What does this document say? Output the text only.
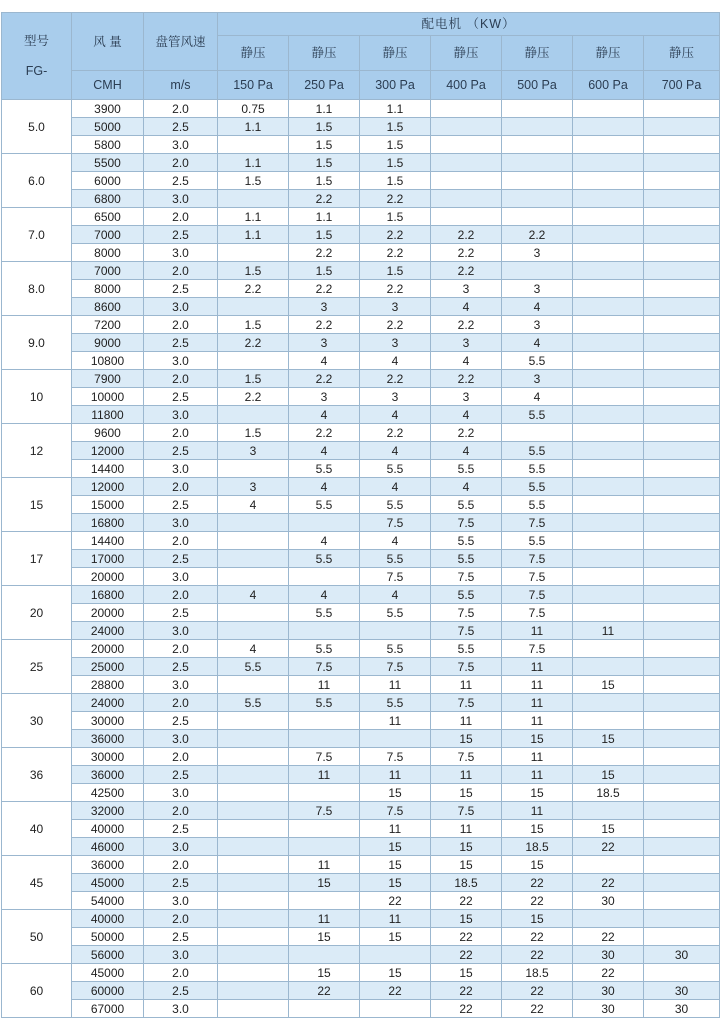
型号
FG-	风 量	盘管风速	配电机 （KW）						
			静压	静压	静压	静压	静压	静压	静压
	CMH	m/s	150 Pa	250 Pa	300 Pa	400 Pa	500 Pa	600 Pa	700 Pa
5.0	3900	2.0	0.75	1.1	1.1				
	5000	2.5	1.1	1.5	1.5				
	5800	3.0		1.5	1.5				
6.0	5500	2.0	1.1	1.5	1.5				
	6000	2.5	1.5	1.5	1.5				
	6800	3.0		2.2	2.2				
7.0	6500	2.0	1.1	1.1	1.5				
	7000	2.5	1.1	1.5	2.2	2.2	2.2		
	8000	3.0		2.2	2.2	2.2	3		
8.0	7000	2.0	1.5	1.5	1.5	2.2			
	8000	2.5	2.2	2.2	2.2	3	3		
	8600	3.0		3	3	4	4		
9.0	7200	2.0	1.5	2.2	2.2	2.2	3		
	9000	2.5	2.2	3	3	3	4		
	10800	3.0		4	4	4	5.5		
10	7900	2.0	1.5	2.2	2.2	2.2	3		
	10000	2.5	2.2	3	3	3	4		
	11800	3.0		4	4	4	5.5		
12	9600	2.0	1.5	2.2	2.2	2.2			
	12000	2.5	3	4	4	4	5.5		
	14400	3.0		5.5	5.5	5.5	5.5		
15	12000	2.0	3	4	4	4	5.5		
	15000	2.5	4	5.5	5.5	5.5	5.5		
	16800	3.0			7.5	7.5	7.5		
17	14400	2.0		4	4	5.5	5.5		
	17000	2.5		5.5	5.5	5.5	7.5		
	20000	3.0			7.5	7.5	7.5		
20	16800	2.0	4	4	4	5.5	7.5		
	20000	2.5		5.5	5.5	7.5	7.5		
	24000	3.0				7.5	11	11	
25	20000	2.0	4	5.5	5.5	5.5	7.5		
	25000	2.5	5.5	7.5	7.5	7.5	11		
	28800	3.0		11	11	11	11	15	
30	24000	2.0	5.5	5.5	5.5	7.5	11		
	30000	2.5			11	11	11		
	36000	3.0				15	15	15	
36	30000	2.0		7.5	7.5	7.5	11		
	36000	2.5		11	11	11	11	15	
	42500	3.0			15	15	15	18.5	
40	32000	2.0		7.5	7.5	7.5	11		
	40000	2.5			11	11	15	15	
	46000	3.0			15	15	18.5	22	
45	36000	2.0		11	15	15	15		
	45000	2.5		15	15	18.5	22	22	
	54000	3.0			22	22	22	30	
50	40000	2.0		11	11	15	15		
	50000	2.5		15	15	22	22	22	
	56000	3.0				22	22	30	30
60	45000	2.0		15	15	15	18.5	22	
	60000	2.5		22	22	22	22	30	30
	67000	3.0				22	22	30	30
